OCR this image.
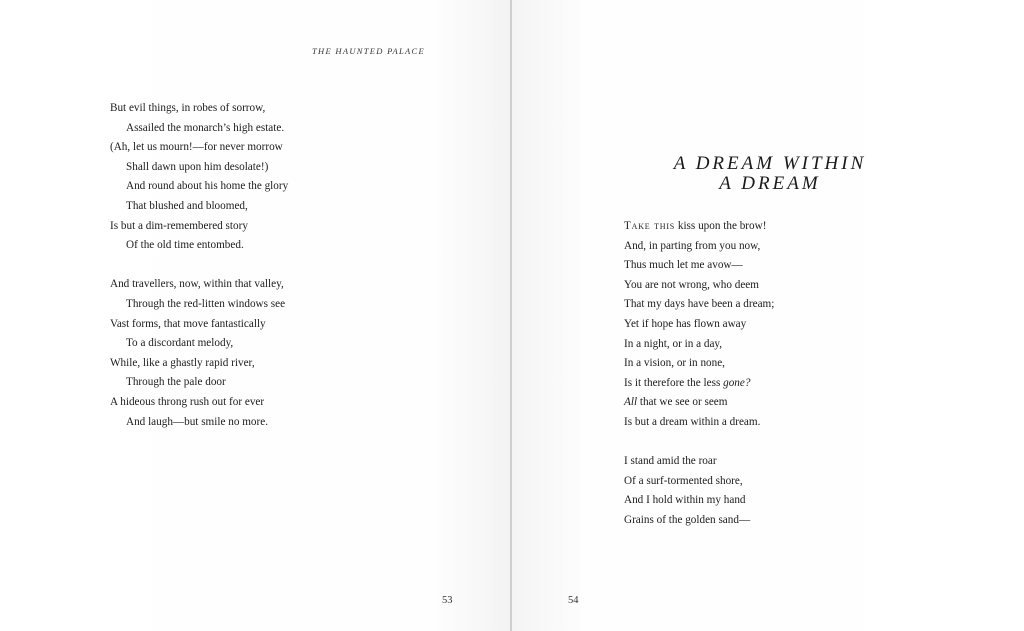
THE HAUNTED PALACE
But evil things, in robes of sorrow,
Assailed the monarch’s high estate.
(Ah, let us mourn!—for never morrow
Shall dawn upon him desolate!)
And round about his home the glory
That blushed and bloomed,
Is but a dim-remembered story
Of the old time entombed.
And travellers, now, within that valley,
Through the red-litten windows see
Vast forms, that move fantastically
To a discordant melody,
While, like a ghastly rapid river,
Through the pale door
A hideous throng rush out for ever
And laugh—but smile no more.
53
A DREAM WITHIN
A DREAM
Take this kiss upon the brow!
And, in parting from you now,
Thus much let me avow—
You are not wrong, who deem
That my days have been a dream;
Yet if hope has flown away
In a night, or in a day,
In a vision, or in none,
Is it therefore the less gone?
All that we see or seem
Is but a dream within a dream.
I stand amid the roar
Of a surf-tormented shore,
And I hold within my hand
Grains of the golden sand—
54
